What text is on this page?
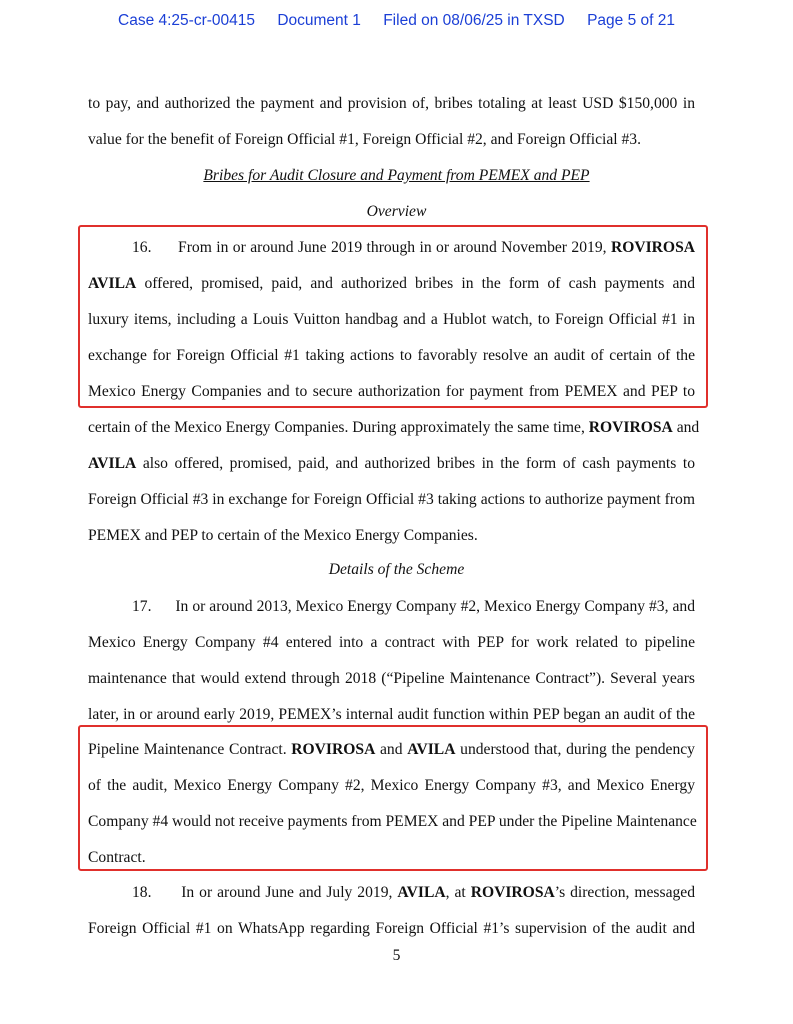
Case 4:25-cr-00415 Document 1 Filed on 08/06/25 in TXSD Page 5 of 21
to pay, and authorized the payment and provision of, bribes totaling at least USD $150,000 in
value for the benefit of Foreign Official #1, Foreign Official #2, and Foreign Official #3.
Bribes for Audit Closure and Payment from PEMEX and PEP
Overview
16.      From in or around June 2019 through in or around November 2019, ROVIROSA
AVILA offered, promised, paid, and authorized bribes in the form of cash payments and
luxury items, including a Louis Vuitton handbag and a Hublot watch, to Foreign Official #1 in
exchange for Foreign Official #1 taking actions to favorably resolve an audit of certain of the
Mexico Energy Companies and to secure authorization for payment from PEMEX and PEP to
certain of the Mexico Energy Companies. During approximately the same time, ROVIROSA and
AVILA also offered, promised, paid, and authorized bribes in the form of cash payments to
Foreign Official #3 in exchange for Foreign Official #3 taking actions to authorize payment from
PEMEX and PEP to certain of the Mexico Energy Companies.
Details of the Scheme
17.      In or around 2013, Mexico Energy Company #2, Mexico Energy Company #3, and
Mexico Energy Company #4 entered into a contract with PEP for work related to pipeline
maintenance that would extend through 2018 (“Pipeline Maintenance Contract”). Several years
later, in or around early 2019, PEMEX’s internal audit function within PEP began an audit of the
Pipeline Maintenance Contract. ROVIROSA and AVILA understood that, during the pendency
of the audit, Mexico Energy Company #2, Mexico Energy Company #3, and Mexico Energy
Company #4 would not receive payments from PEMEX and PEP under the Pipeline Maintenance
Contract.
18.      In or around June and July 2019, AVILA, at ROVIROSA’s direction, messaged
Foreign Official #1 on WhatsApp regarding Foreign Official #1’s supervision of the audit and
5
